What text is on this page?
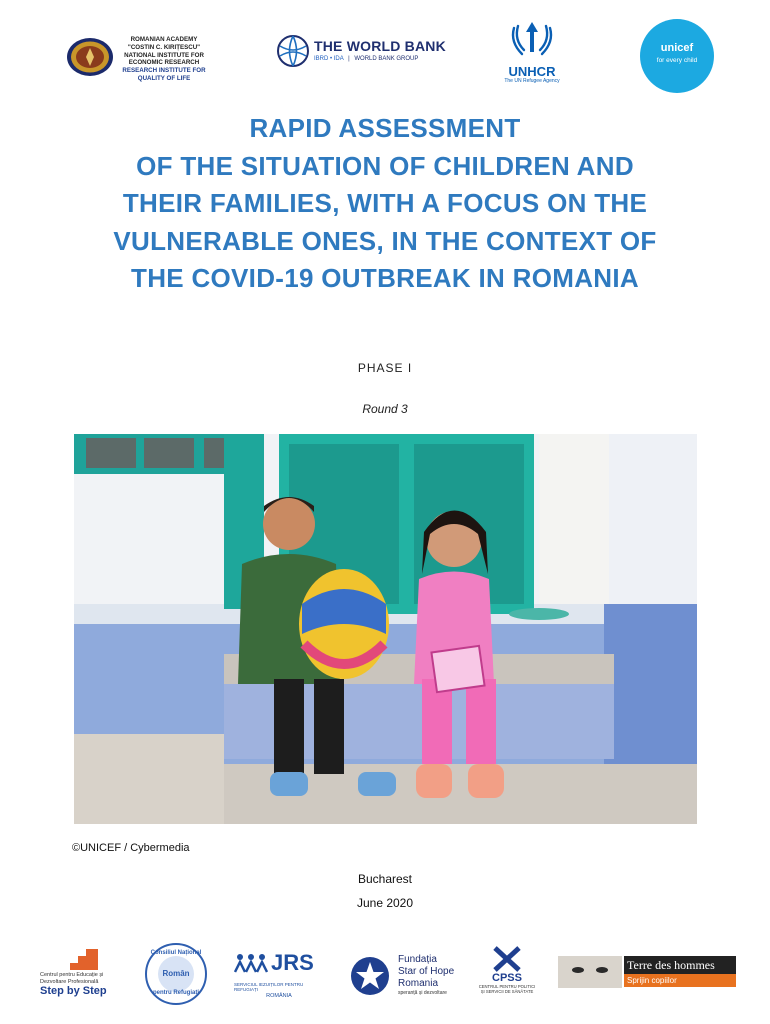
ROMANIAN ACADEMY
"COSTIN C. KIRIȚESCU"
NATIONAL INSTITUTE FOR
ECONOMIC RESEARCH
RESEARCH INSTITUTE FOR
QUALITY OF LIFE
THE WORLD BANK
IBRD • IDA | WORLD BANK GROUP
UNHCR
The UN Refugee Agency
unicef
for every child
RAPID ASSESSMENT
OF THE SITUATION OF CHILDREN AND
THEIR FAMILIES, WITH A FOCUS ON THE
VULNERABLE ONES, IN THE CONTEXT OF
THE COVID-19 OUTBREAK IN ROMANIA
PHASE I
Round 3
©UNICEF / Cybermedia
Bucharest
June 2020
Centrul pentru Educație și
Dezvoltare Profesională
Step by Step
Consiliul Național
Român
pentru Refugiați
JRS
SERVICIUL IEZUIȚILOR PENTRU REFUGIAȚI
ROMÂNIA
Fundația
Star of Hope
Romania
speranță și dezvoltare
CPSS
CENTRUL PENTRU POLITICI
ȘI SERVICII DE SĂNĂTATE
Terre des hommes
Sprijin copiilor
